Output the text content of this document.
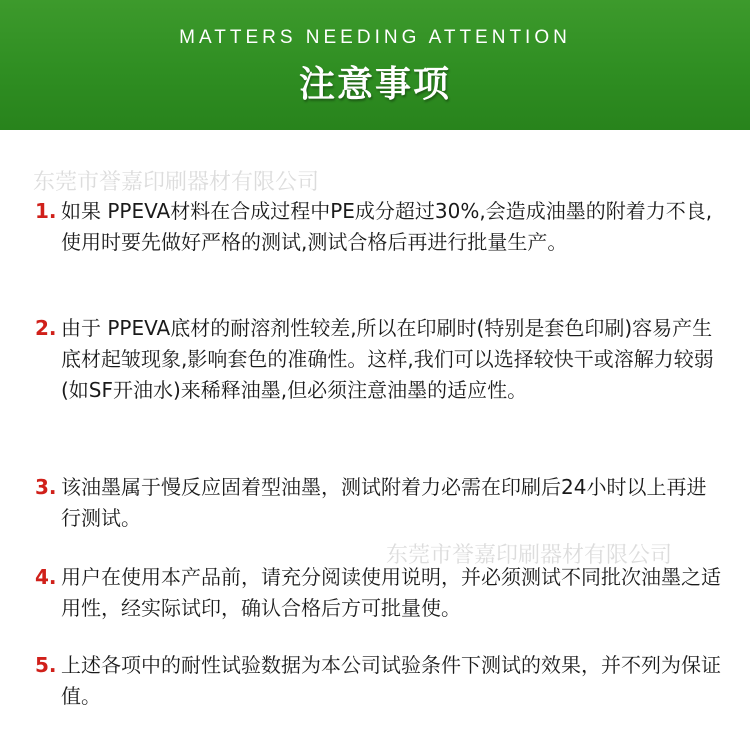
MATTERS NEEDING ATTENTION
注意事项
东莞市誉嘉印刷器材有限公司
东莞市誉嘉印刷器材有限公司
1. 如果 PPEVA材料在合成过程中PE成分超过30%,会造成油墨的附着力不良,使用时要先做好严格的测试,测试合格后再进行批量生产。
2. 由于 PPEVA底材的耐溶剂性较差,所以在印刷时(特别是套色印刷)容易产生底材起皱现象,影响套色的准确性。这样,我们可以选择较快干或溶解力较弱(如SF开油水)来稀释油墨,但必须注意油墨的适应性。
3. 该油墨属于慢反应固着型油墨，测试附着力必需在印刷后24小时以上再进行测试。
4. 用户在使用本产品前，请充分阅读使用说明，并必须测试不同批次油墨之适用性，经实际试印，确认合格后方可批量使。
5. 上述各项中的耐性试验数据为本公司试验条件下测试的效果，并不列为保证值。
